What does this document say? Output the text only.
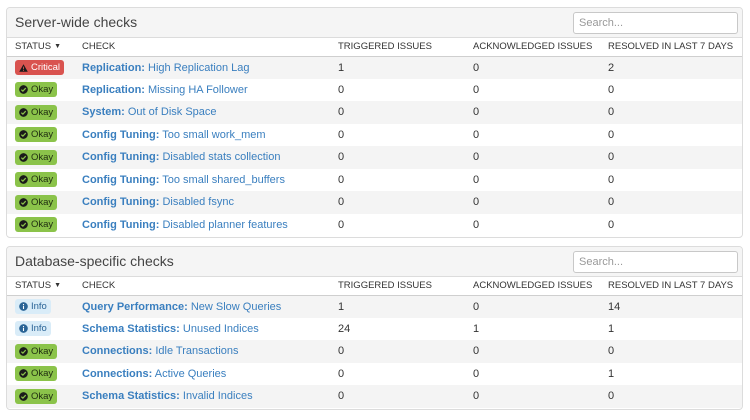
Server-wide checks
Search...
STATUS ▼	CHECK	TRIGGERED ISSUES	ACKNOWLEDGED ISSUES	RESOLVED IN LAST 7 DAYS

Critical	Replication: High Replication Lag	1	0	2

Okay	Replication: Missing HA Follower	0	0	0

Okay	System: Out of Disk Space	0	0	0

Okay	Config Tuning: Too small work_mem	0	0	0

Okay	Config Tuning: Disabled stats collection	0	0	0

Okay	Config Tuning: Too small shared_buffers	0	0	0

Okay	Config Tuning: Disabled fsync	0	0	0

Okay	Config Tuning: Disabled planner features	0	0	0
Database-specific checks
Search...
STATUS ▼	CHECK	TRIGGERED ISSUES	ACKNOWLEDGED ISSUES	RESOLVED IN LAST 7 DAYS

Info	Query Performance: New Slow Queries	1	0	14

Info	Schema Statistics: Unused Indices	24	1	1

Okay	Connections: Idle Transactions	0	0	0

Okay	Connections: Active Queries	0	0	1

Okay	Schema Statistics: Invalid Indices	0	0	0
